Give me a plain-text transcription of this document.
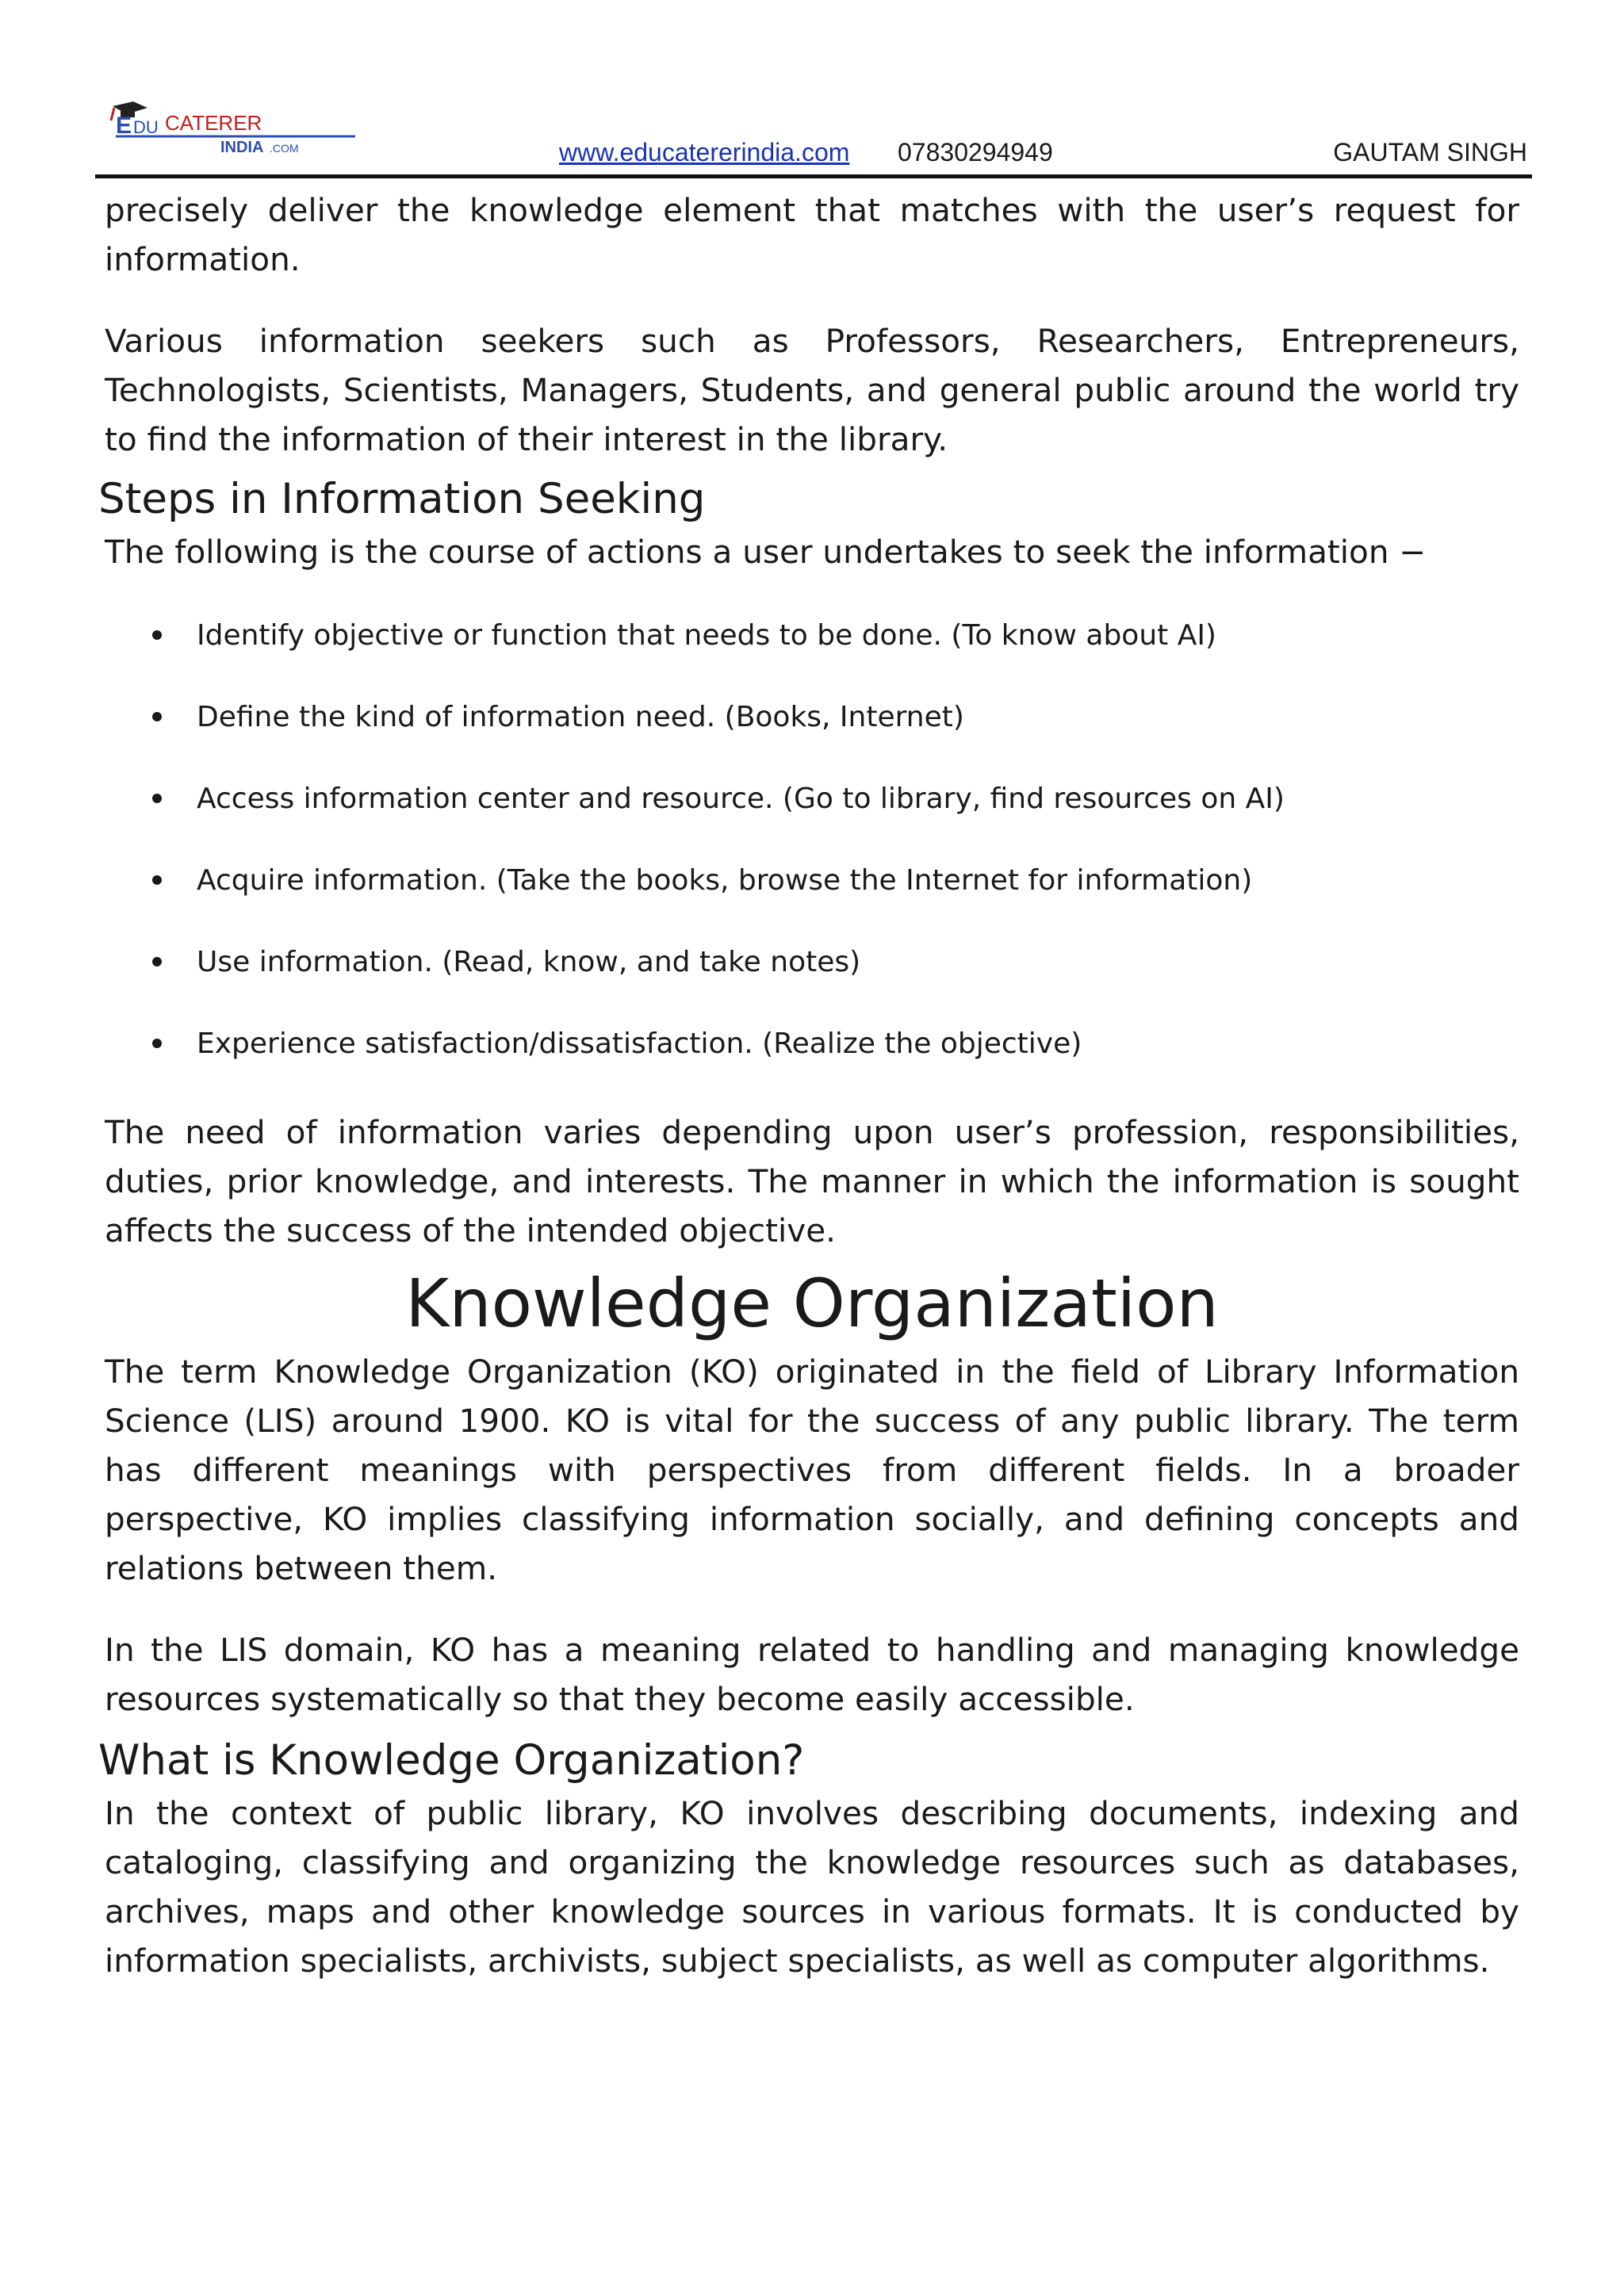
E DU CATERER
INDIA .COM	www.educatererindia.com 07830294949	GAUTAM SINGH

precisely deliver the knowledge element that matches with the user’s request for information.

Various information seekers such as Professors, Researchers, Entrepreneurs, Technologists, Scientists, Managers, Students, and general public around the world try to find the information of their interest in the library.

Steps in Information Seeking

The following is the course of actions a user undertakes to seek the information −

Identify objective or function that needs to be done. (To know about AI)
Define the kind of information need. (Books, Internet)
Access information center and resource. (Go to library, find resources on AI)
Acquire information. (Take the books, browse the Internet for information)
Use information. (Read, know, and take notes)
Experience satisfaction/dissatisfaction. (Realize the objective)

The need of information varies depending upon user’s profession, responsibilities, duties, prior knowledge, and interests. The manner in which the information is sought affects the success of the intended objective.

Knowledge Organization

The term Knowledge Organization (KO) originated in the field of Library Information Science (LIS) around 1900. KO is vital for the success of any public library. The term has different meanings with perspectives from different fields. In a broader perspective, KO implies classifying information socially, and defining concepts and relations between them.

In the LIS domain, KO has a meaning related to handling and managing knowledge resources systematically so that they become easily accessible.

What is Knowledge Organization?

In the context of public library, KO involves describing documents, indexing and cataloging, classifying and organizing the knowledge resources such as databases, archives, maps and other knowledge sources in various formats. It is conducted by information specialists, archivists, subject specialists, as well as computer algorithms.
